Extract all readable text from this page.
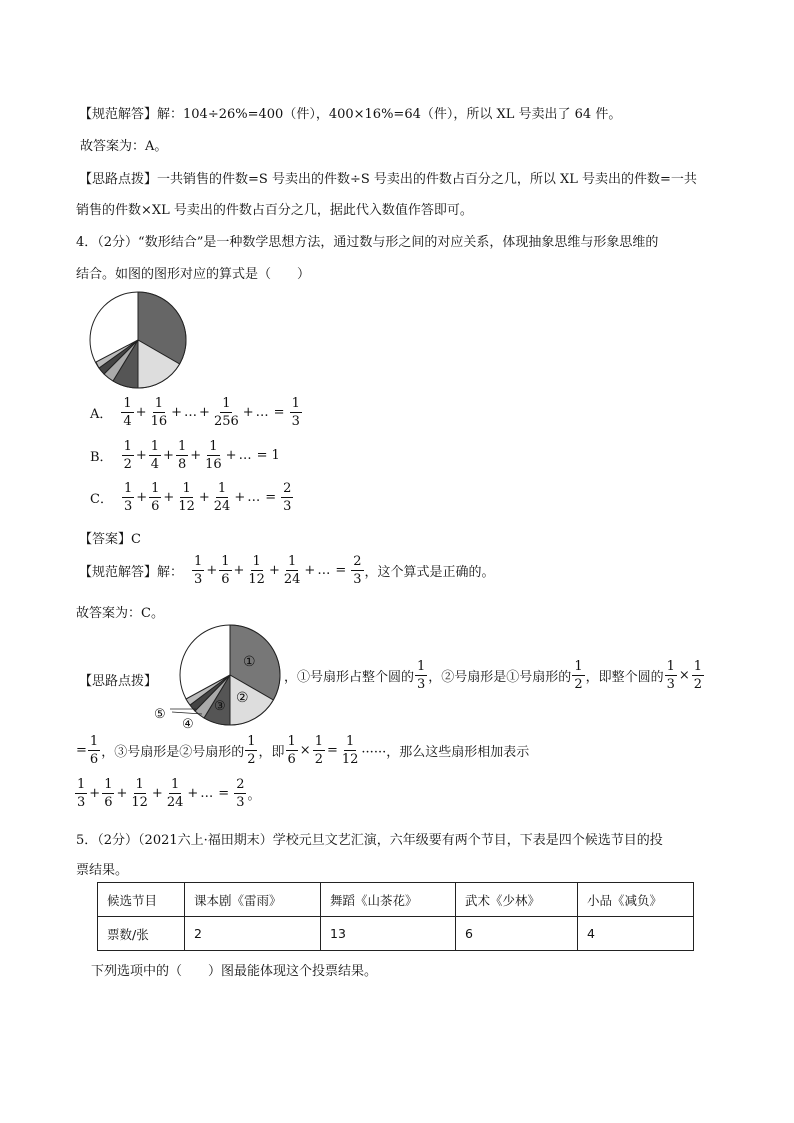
【规范解答】解：104÷26%=400（件），400×16%=64（件），所以 XL 号卖出了 64 件。
故答案为：A。
【思路点拨】一共销售的件数=S 号卖出的件数÷S 号卖出的件数占百分之几，所以 XL 号卖出的件数=一共
销售的件数×XL 号卖出的件数占百分之几，据此代入数值作答即可。
4．（2分）“数形结合”是一种数学思想方法，通过数与形之间的对应关系，体现抽象思维与形象思维的
结合。如图的图形对应的算式是（　　）
A． $\frac{1}{4} + \frac{1}{16}$ + … + $\frac{1}{256}$ + … = $\frac{1}{3}$
B． $\frac{1}{2} + \frac{1}{4} + \frac{1}{8} + \frac{1}{16}$ + … = 1
C． $\frac{1}{3} + \frac{1}{6} + \frac{1}{12} + \frac{1}{24}$ + … = $\frac{2}{3}$
【答案】C
【规范解答】 解： $\frac{1}{3} + \frac{1}{6} + \frac{1}{12} + \frac{1}{24}$ + … = $\frac{2}{3}$ ，这个算式是正确的。
故答案为：C。
【思路点拨】
①
②
③
④
⑤
，①号扇形占整个圆的 $\frac{1}{3}$ ，②号扇形是①号扇形的 $\frac{1}{2}$ ，即整个圆的 $\frac{1}{3} \times \frac{1}{2}$
= $\frac{1}{6}$ ，③号扇形是②号扇形的 $\frac{1}{2}$ ，即 $\frac{1}{6} \times \frac{1}{2} = \frac{1}{12}$ ······，那么这些扇形相加表示
$\frac{1}{3} + \frac{1}{6} + \frac{1}{12} + \frac{1}{24}$ + … = $\frac{2}{3}$ 。
5．（2分）（2021六上·福田期末）学校元旦文艺汇演，六年级要有两个节目，下表是四个候选节目的投
票结果。
候选节目	课本剧《雷雨》	舞蹈《山茶花》	武术《少林》	小品《减负》
票数/张	2	13	6	4
下列选项中的（　　）图最能体现这个投票结果。
